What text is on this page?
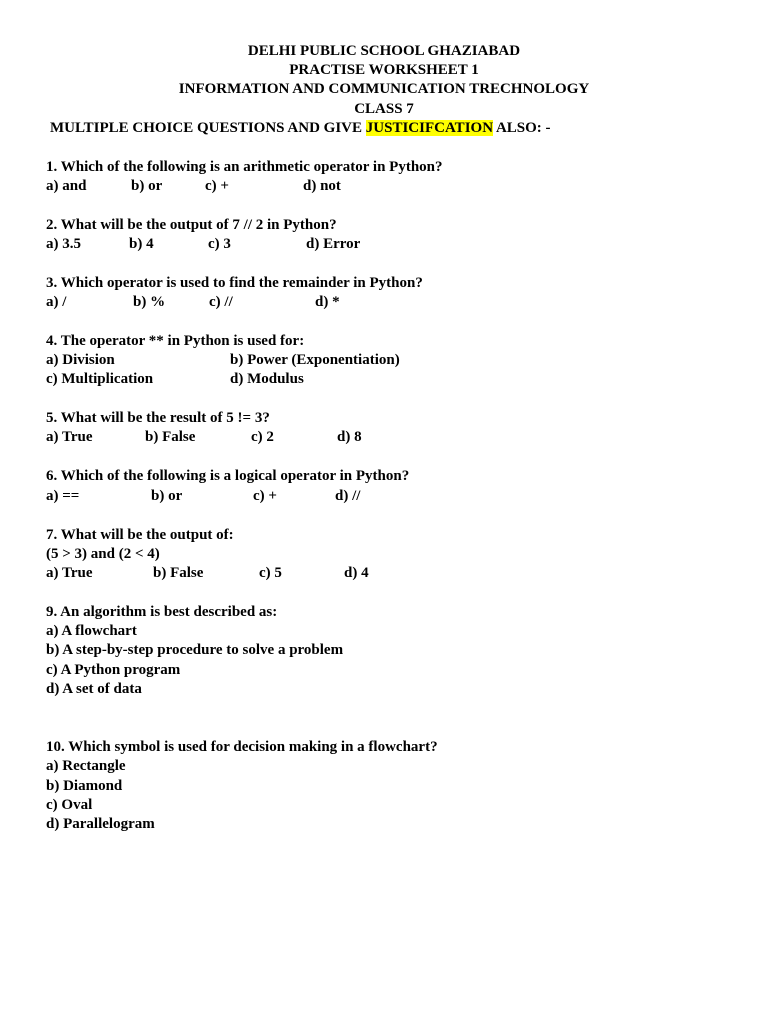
DELHI PUBLIC SCHOOL GHAZIABAD
PRACTISE WORKSHEET 1
INFORMATION AND COMMUNICATION TRECHNOLOGY
CLASS 7
MULTIPLE CHOICE QUESTIONS AND GIVE JUSTICIFCATION ALSO: -
1. Which of the following is an arithmetic operator in Python?
a) and	b) or	c) +	d) not
2. What will be the output of 7 // 2 in Python?
a) 3.5	b) 4	c) 3	d) Error
3. Which operator is used to find the remainder in Python?
a) /	b) %	c) //	d) *
4. The operator ** in Python is used for:
a) Division	b) Power (Exponentiation)
c) Multiplication	d) Modulus
5. What will be the result of 5 != 3?
a) True	b) False	c) 2	d) 8
6. Which of the following is a logical operator in Python?
a) ==	b) or	c) +	d) //
7. What will be the output of:
(5 > 3) and (2 < 4)
a) True	b) False	c) 5	d) 4
9. An algorithm is best described as:
a) A flowchart
b) A step-by-step procedure to solve a problem
c) A Python program
d) A set of data
10. Which symbol is used for decision making in a flowchart?
a) Rectangle
b) Diamond
c) Oval
d) Parallelogram
